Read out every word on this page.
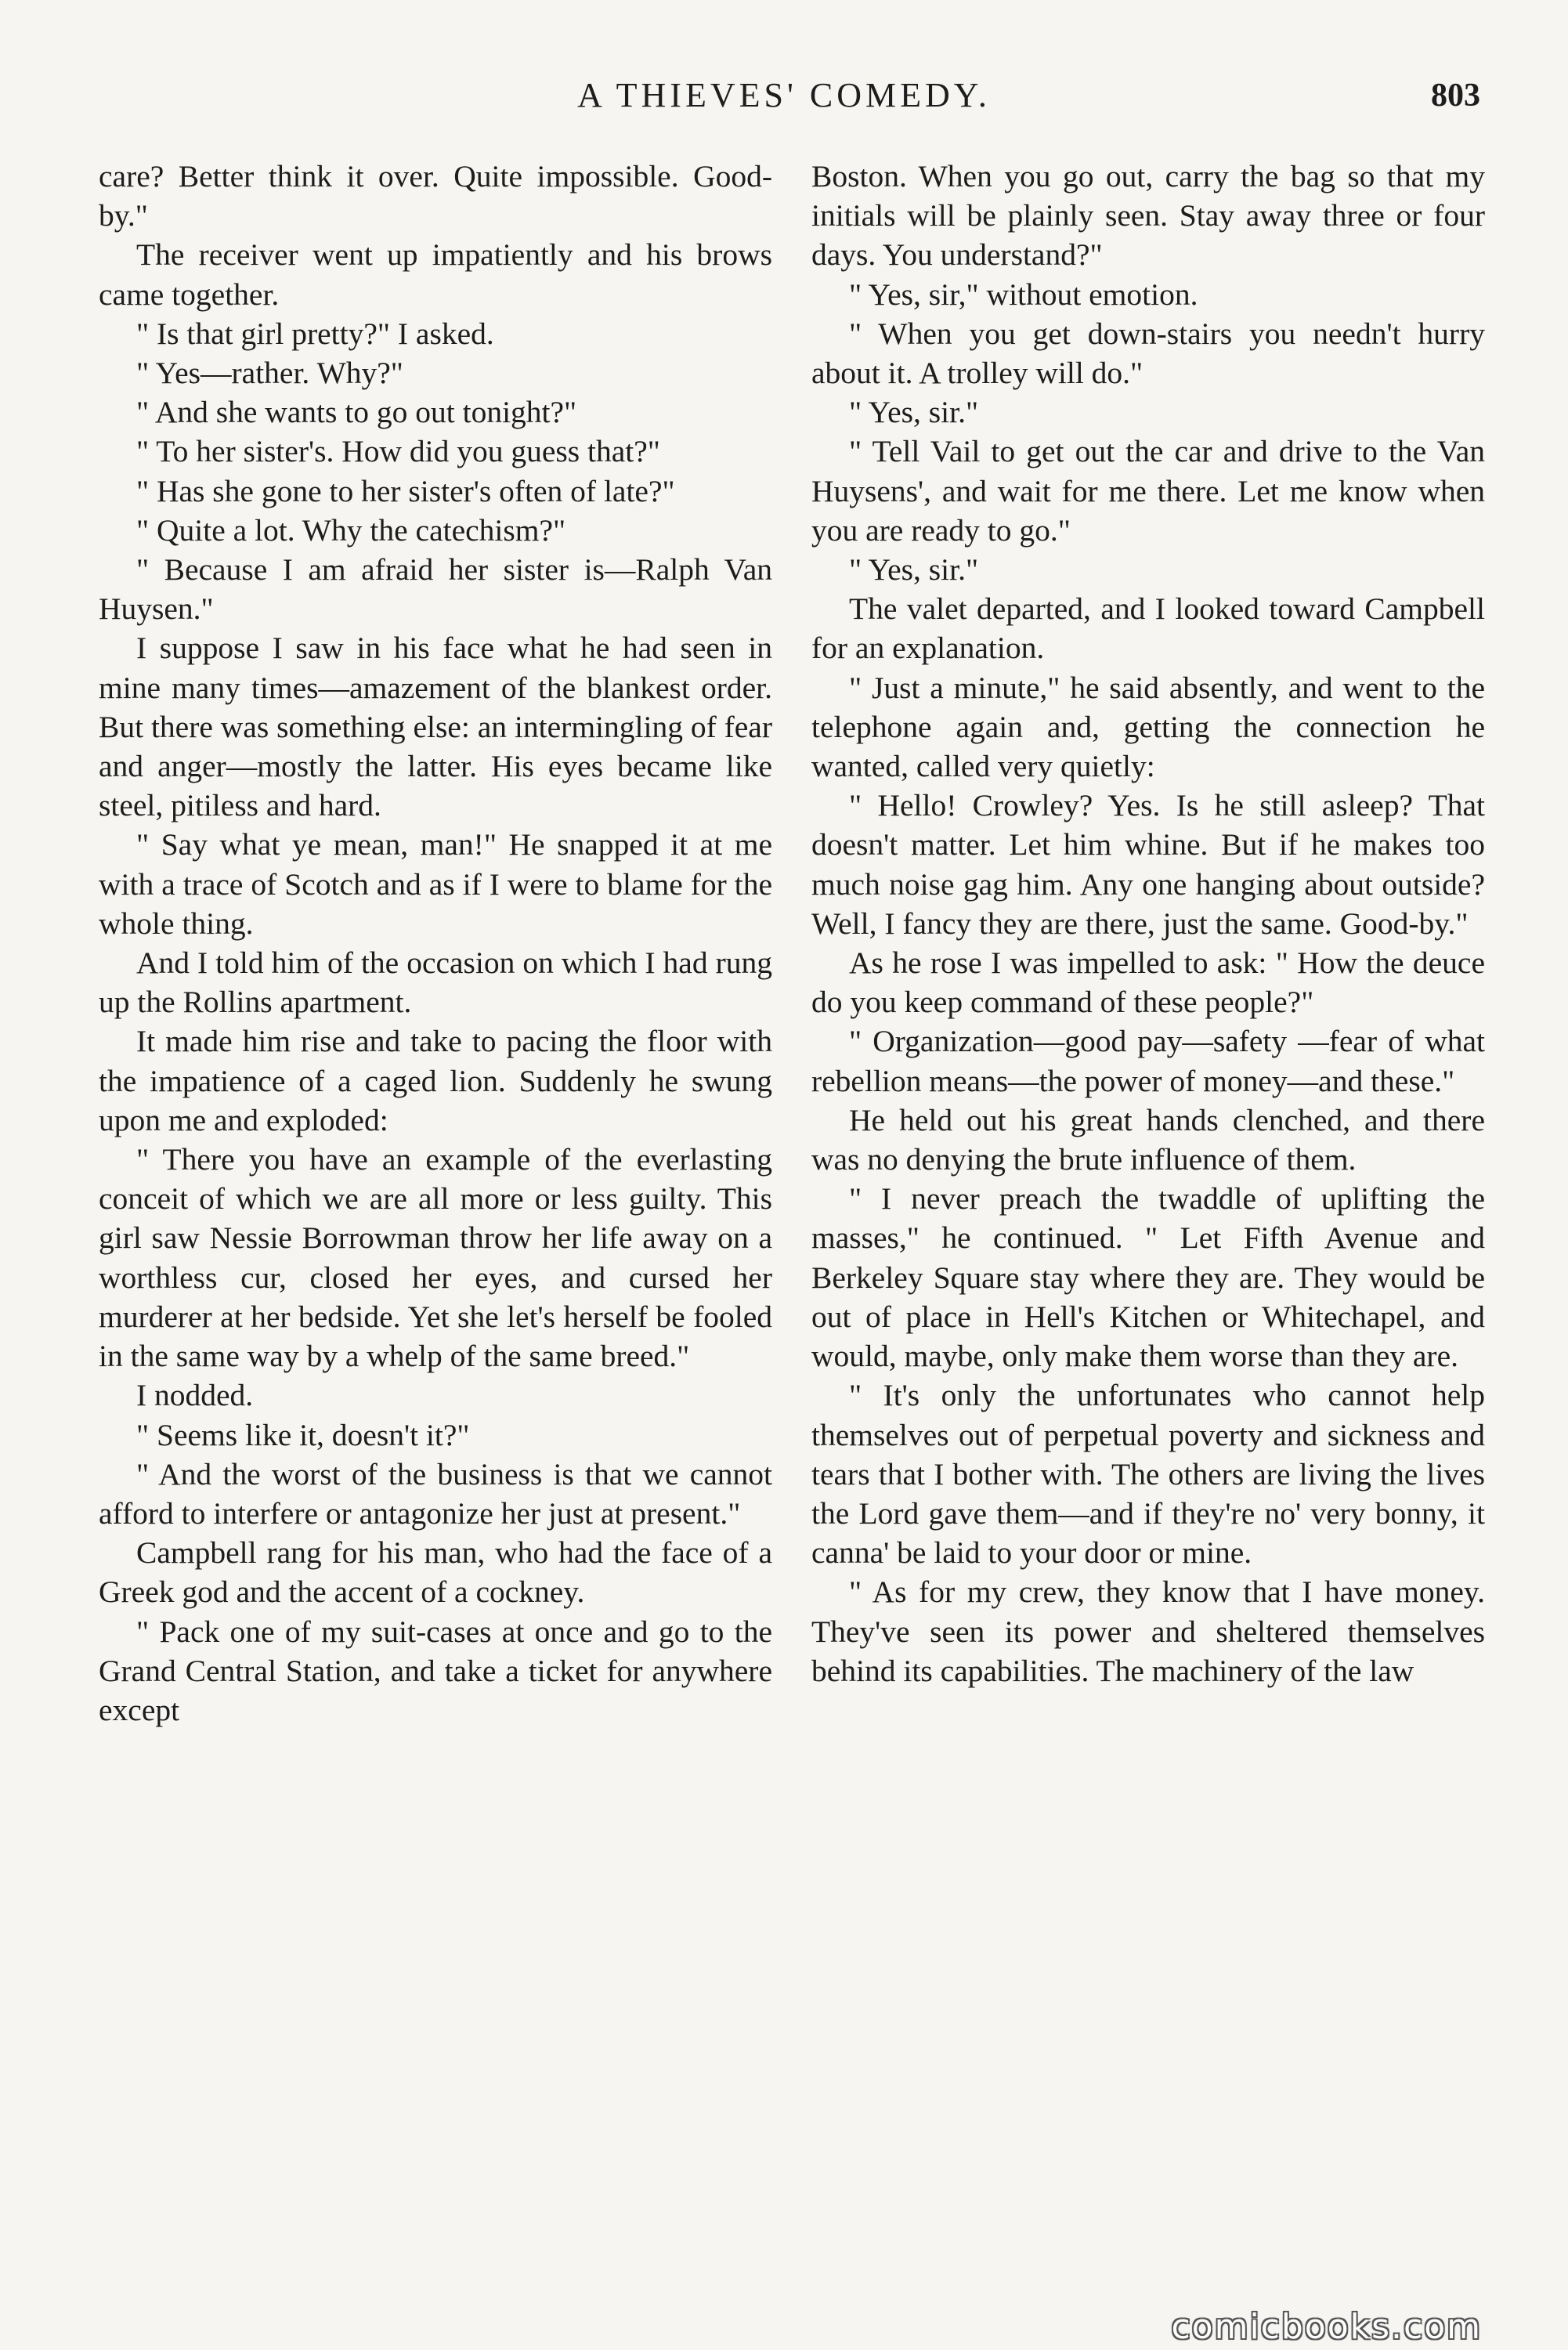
A THIEVES' COMEDY.	803

care? Better think it over. Quite impossible. Good-by."

The receiver went up impatiently and his brows came together.

" Is that girl pretty?" I asked.

" Yes—rather. Why?"

" And she wants to go out tonight?"

" To her sister's. How did you guess that?"

" Has she gone to her sister's often of late?"

" Quite a lot. Why the catechism?"

" Because I am afraid her sister is—Ralph Van Huysen."

I suppose I saw in his face what he had seen in mine many times—amazement of the blankest order. But there was something else: an intermingling of fear and anger—mostly the latter. His eyes became like steel, pitiless and hard.

" Say what ye mean, man!" He snapped it at me with a trace of Scotch and as if I were to blame for the whole thing.

And I told him of the occasion on which I had rung up the Rollins apartment.

It made him rise and take to pacing the floor with the impatience of a caged lion. Suddenly he swung upon me and exploded:

" There you have an example of the everlasting conceit of which we are all more or less guilty. This girl saw Nessie Borrowman throw her life away on a worthless cur, closed her eyes, and cursed her murderer at her bedside. Yet she let's herself be fooled in the same way by a whelp of the same breed."

I nodded.

" Seems like it, doesn't it?"

" And the worst of the business is that we cannot afford to interfere or antagonize her just at present."

Campbell rang for his man, who had the face of a Greek god and the accent of a cockney.

" Pack one of my suit-cases at once and go to the Grand Central Station, and take a ticket for anywhere except

Boston. When you go out, carry the bag so that my initials will be plainly seen. Stay away three or four days. You understand?"

" Yes, sir," without emotion.

" When you get down-stairs you needn't hurry about it. A trolley will do."

" Yes, sir."

" Tell Vail to get out the car and drive to the Van Huysens', and wait for me there. Let me know when you are ready to go."

" Yes, sir."

The valet departed, and I looked toward Campbell for an explanation.

" Just a minute," he said absently, and went to the telephone again and, getting the connection he wanted, called very quietly:

" Hello! Crowley? Yes. Is he still asleep? That doesn't matter. Let him whine. But if he makes too much noise gag him. Any one hanging about outside? Well, I fancy they are there, just the same. Good-by."

As he rose I was impelled to ask: " How the deuce do you keep command of these people?"

" Organization—good pay—safety —fear of what rebellion means—the power of money—and these."

He held out his great hands clenched, and there was no denying the brute influence of them.

" I never preach the twaddle of uplifting the masses," he continued. " Let Fifth Avenue and Berkeley Square stay where they are. They would be out of place in Hell's Kitchen or Whitechapel, and would, maybe, only make them worse than they are.

" It's only the unfortunates who cannot help themselves out of perpetual poverty and sickness and tears that I bother with. The others are living the lives the Lord gave them—and if they're no' very bonny, it canna' be laid to your door or mine.

" As for my crew, they know that I have money. They've seen its power and sheltered themselves behind its capabilities. The machinery of the law

comicbooks.com
